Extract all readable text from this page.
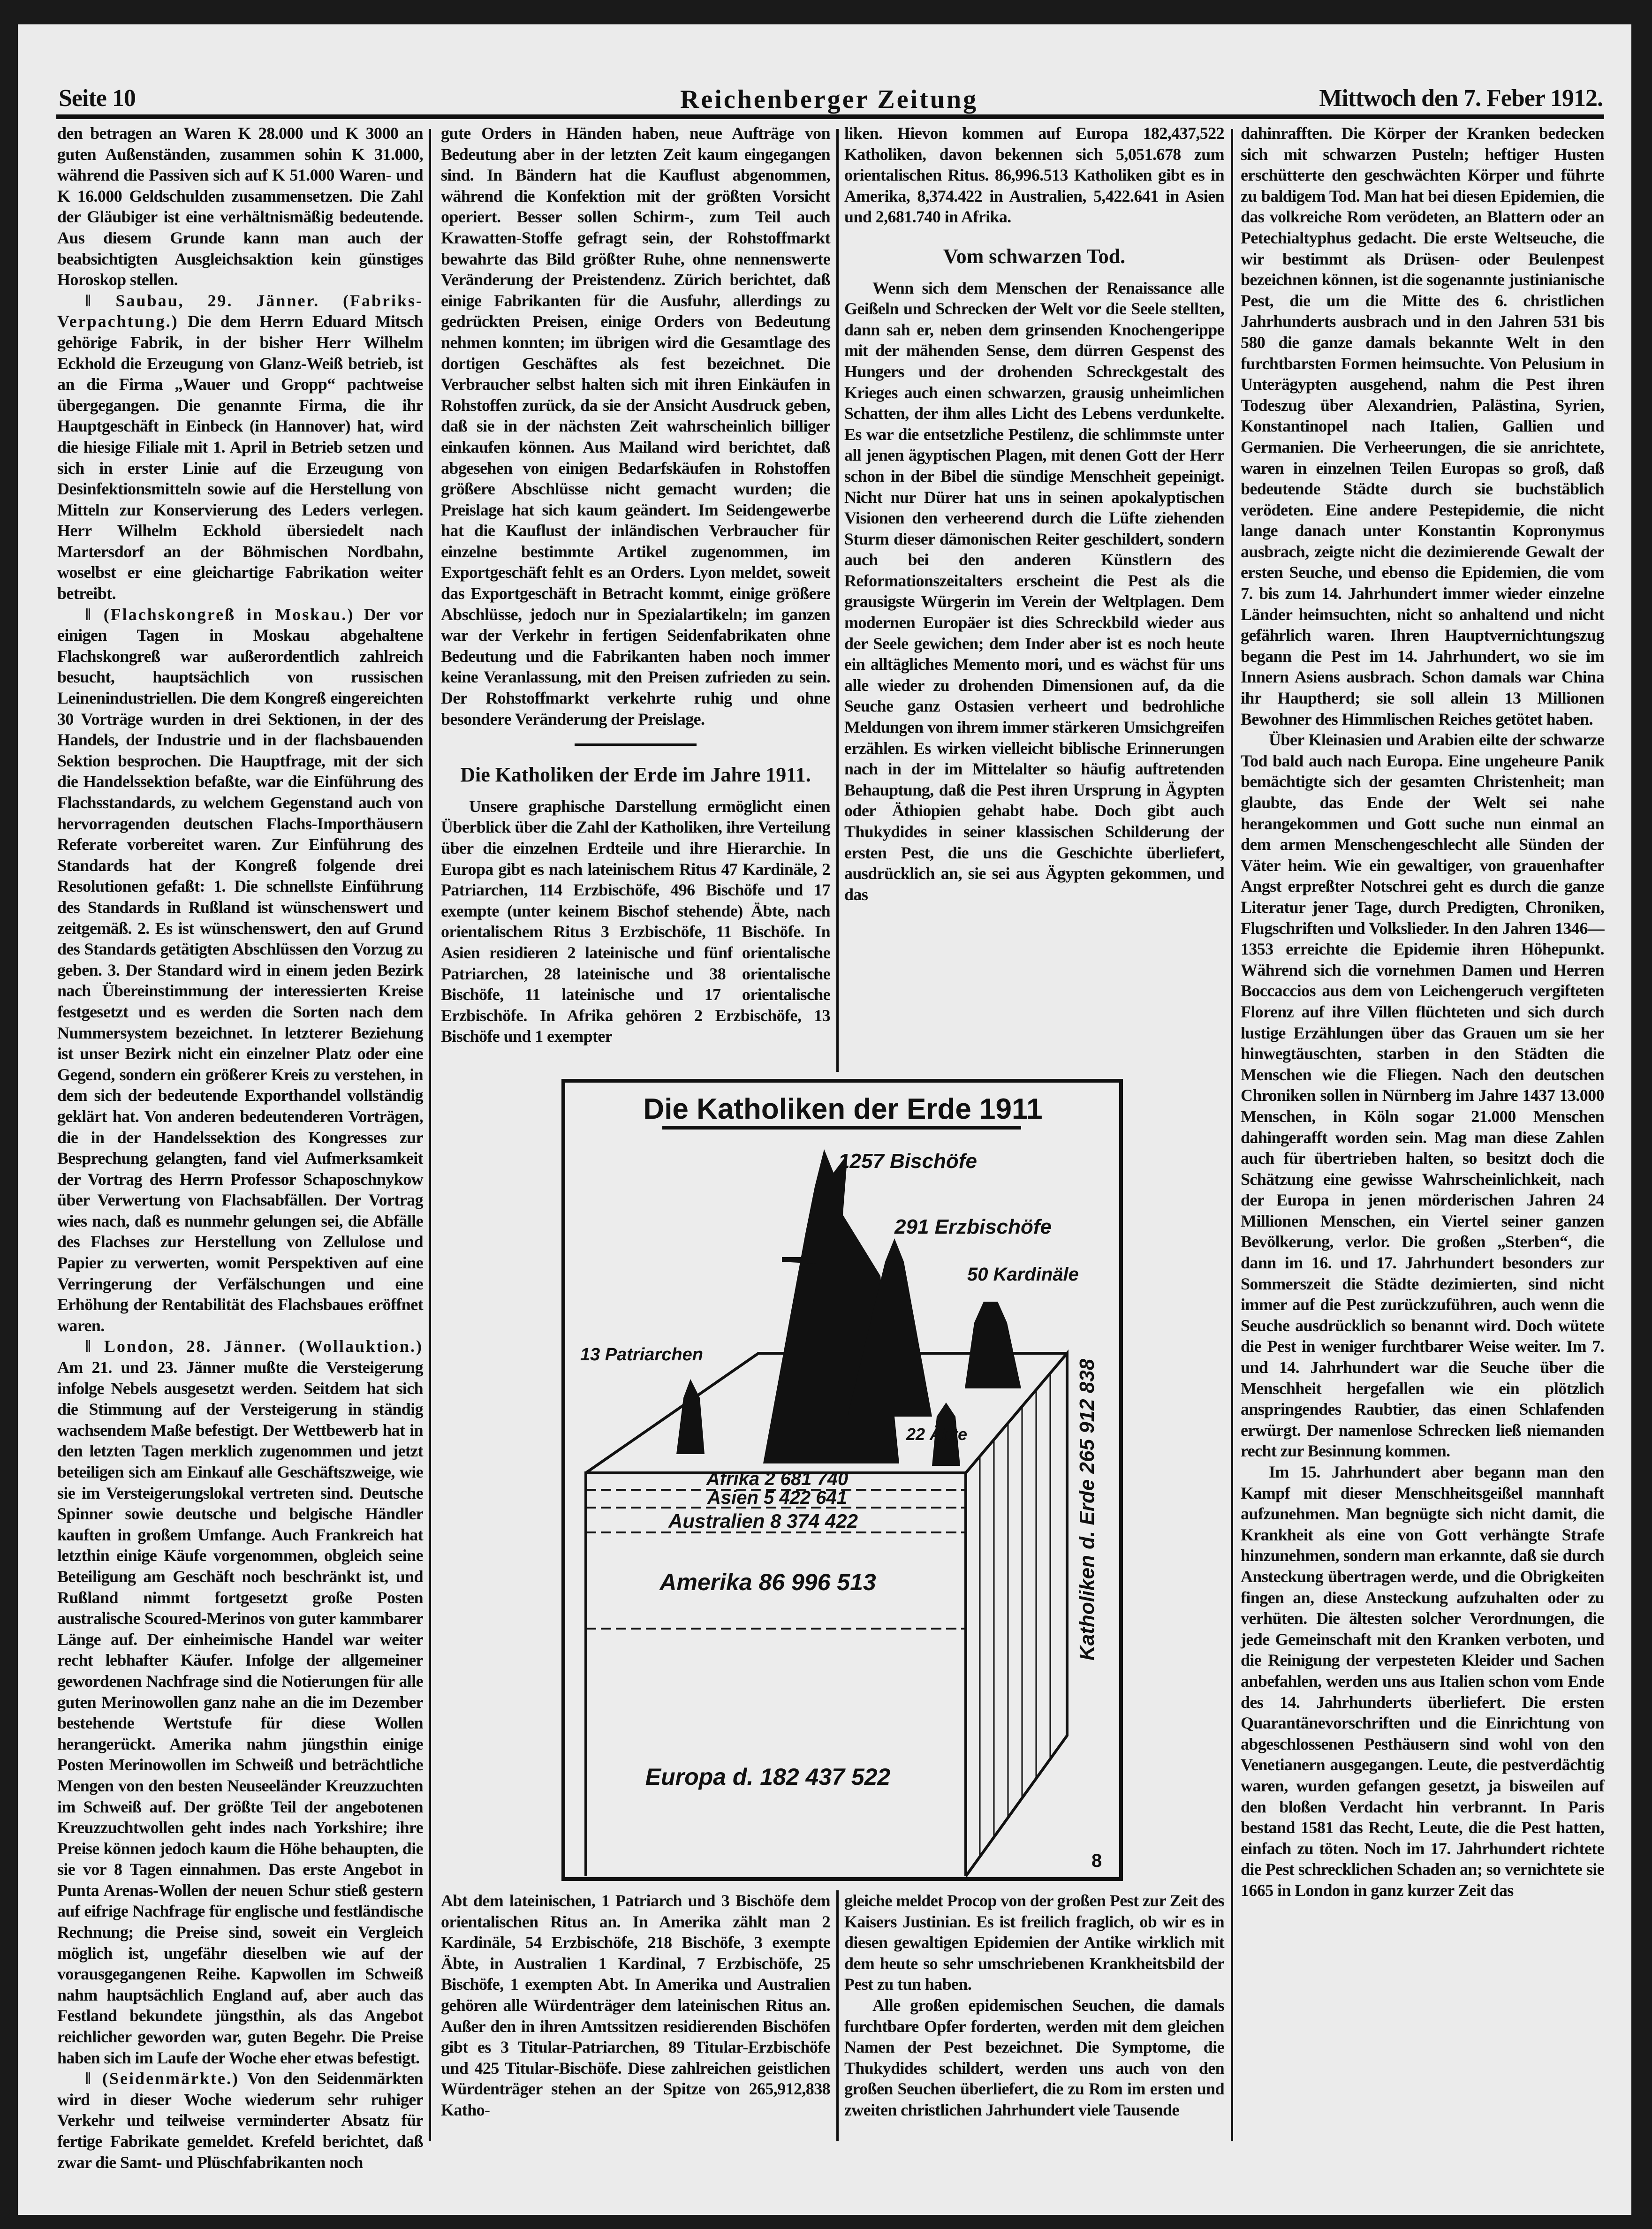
Seite 10	Reichenberger Zeitung	Mittwoch den 7. Feber 1912.

den betragen an Waren K 28.000 und K 3000 an guten Außenständen, zusammen sohin K 31.000, während die Passiven sich auf K 51.000 Waren- und K 16.000 Geldschulden zusammensetzen. Die Zahl der Gläubiger ist eine verhältnismäßig bedeutende. Aus diesem Grunde kann man auch der beabsichtigten Ausgleichsaktion kein günstiges Horoskop stellen.

‖ Saubau, 29. Jänner. (Fabriks-Verpachtung.) Die dem Herrn Eduard Mitsch gehörige Fabrik, in der bisher Herr Wilhelm Eckhold die Erzeugung von Glanz-Weiß betrieb, ist an die Firma „Wauer und Gropp“ pachtweise übergegangen. Die genannte Firma, die ihr Hauptgeschäft in Einbeck (in Hannover) hat, wird die hiesige Filiale mit 1. April in Betrieb setzen und sich in erster Linie auf die Erzeugung von Desinfektionsmitteln sowie auf die Herstellung von Mitteln zur Konservierung des Leders verlegen. Herr Wilhelm Eckhold übersiedelt nach Martersdorf an der Böhmischen Nordbahn, woselbst er eine gleichartige Fabrikation weiter betreibt.

‖ (Flachskongreß in Moskau.) Der vor einigen Tagen in Moskau abgehaltene Flachskongreß war außerordentlich zahlreich besucht, hauptsächlich von russischen Leinenindustriellen. Die dem Kongreß eingereichten 30 Vorträge wurden in drei Sektionen, in der des Handels, der Industrie und in der flachsbauenden Sektion besprochen. Die Hauptfrage, mit der sich die Handelssektion befaßte, war die Einführung des Flachsstandards, zu welchem Gegenstand auch von hervorragenden deutschen Flachs-Importhäusern Referate vorbereitet waren. Zur Einführung des Standards hat der Kongreß folgende drei Resolutionen gefaßt: 1. Die schnellste Einführung des Standards in Rußland ist wünschenswert und zeitgemäß. 2. Es ist wünschenswert, den auf Grund des Standards getätigten Abschlüssen den Vorzug zu geben. 3. Der Standard wird in einem jeden Bezirk nach Übereinstimmung der interessierten Kreise festgesetzt und es werden die Sorten nach dem Nummersystem bezeichnet. In letzterer Beziehung ist unser Bezirk nicht ein einzelner Platz oder eine Gegend, sondern ein größerer Kreis zu verstehen, in dem sich der bedeutende Exporthandel vollständig geklärt hat. Von anderen bedeutenderen Vorträgen, die in der Handelssektion des Kongresses zur Besprechung gelangten, fand viel Aufmerksamkeit der Vortrag des Herrn Professor Schaposchnykow über Verwertung von Flachsabfällen. Der Vortrag wies nach, daß es nunmehr gelungen sei, die Abfälle des Flachses zur Herstellung von Zellulose und Papier zu verwerten, womit Perspektiven auf eine Verringerung der Verfälschungen und eine Erhöhung der Rentabilität des Flachsbaues eröffnet waren.

‖ London, 28. Jänner. (Wollauktion.) Am 21. und 23. Jänner mußte die Versteigerung infolge Nebels ausgesetzt werden. Seitdem hat sich die Stimmung auf der Versteigerung in ständig wachsendem Maße befestigt. Der Wettbewerb hat in den letzten Tagen merklich zugenommen und jetzt beteiligen sich am Einkauf alle Geschäftszweige, wie sie im Versteigerungslokal vertreten sind. Deutsche Spinner sowie deutsche und belgische Händler kauften in großem Umfange. Auch Frankreich hat letzthin einige Käufe vorgenommen, obgleich seine Beteiligung am Geschäft noch beschränkt ist, und Rußland nimmt fortgesetzt große Posten australische Scoured-Merinos von guter kammbarer Länge auf. Der einheimische Handel war weiter recht lebhafter Käufer. Infolge der allgemeiner gewordenen Nachfrage sind die Notierungen für alle guten Merinowollen ganz nahe an die im Dezember bestehende Wertstufe für diese Wollen herangerückt. Amerika nahm jüngsthin einige Posten Merinowollen im Schweiß und beträchtliche Mengen von den besten Neuseeländer Kreuzzuchten im Schweiß auf. Der größte Teil der angebotenen Kreuzzuchtwollen geht indes nach Yorkshire; ihre Preise können jedoch kaum die Höhe behaupten, die sie vor 8 Tagen einnahmen. Das erste Angebot in Punta Arenas-Wollen der neuen Schur stieß gestern auf eifrige Nachfrage für englische und festländische Rechnung; die Preise sind, soweit ein Vergleich möglich ist, ungefähr dieselben wie auf der vorausgegangenen Reihe. Kapwollen im Schweiß nahm hauptsächlich England auf, aber auch das Festland bekundete jüngsthin, als das Angebot reichlicher geworden war, guten Begehr. Die Preise haben sich im Laufe der Woche eher etwas befestigt.

‖ (Seidenmärkte.) Von den Seidenmärkten wird in dieser Woche wiederum sehr ruhiger Verkehr und teilweise verminderter Absatz für fertige Fabrikate gemeldet. Krefeld berichtet, daß zwar die Samt- und Plüschfabrikanten noch

gute Orders in Händen haben, neue Aufträge von Bedeutung aber in der letzten Zeit kaum eingegangen sind. In Bändern hat die Kauflust abgenommen, während die Konfektion mit der größten Vorsicht operiert. Besser sollen Schirm-, zum Teil auch Krawatten-Stoffe gefragt sein, der Rohstoffmarkt bewahrte das Bild größter Ruhe, ohne nennenswerte Veränderung der Preistendenz. Zürich berichtet, daß einige Fabrikanten für die Ausfuhr, allerdings zu gedrückten Preisen, einige Orders von Bedeutung nehmen konnten; im übrigen wird die Gesamtlage des dortigen Geschäftes als fest bezeichnet. Die Verbraucher selbst halten sich mit ihren Einkäufen in Rohstoffen zurück, da sie der Ansicht Ausdruck geben, daß sie in der nächsten Zeit wahrscheinlich billiger einkaufen können. Aus Mailand wird berichtet, daß abgesehen von einigen Bedarfskäufen in Rohstoffen größere Abschlüsse nicht gemacht wurden; die Preislage hat sich kaum geändert. Im Seidengewerbe hat die Kauflust der inländischen Verbraucher für einzelne bestimmte Artikel zugenommen, im Exportgeschäft fehlt es an Orders. Lyon meldet, soweit das Exportgeschäft in Betracht kommt, einige größere Abschlüsse, jedoch nur in Spezialartikeln; im ganzen war der Verkehr in fertigen Seidenfabrikaten ohne Bedeutung und die Fabrikanten haben noch immer keine Veranlassung, mit den Preisen zufrieden zu sein. Der Rohstoffmarkt verkehrte ruhig und ohne besondere Veränderung der Preislage.

Die Katholiken der Erde im Jahre 1911.

Unsere graphische Darstellung ermöglicht einen Überblick über die Zahl der Katholiken, ihre Verteilung über die einzelnen Erdteile und ihre Hierarchie. In Europa gibt es nach lateinischem Ritus 47 Kardinäle, 2 Patriarchen, 114 Erzbischöfe, 496 Bischöfe und 17 exempte (unter keinem Bischof stehende) Äbte, nach orientalischem Ritus 3 Erzbischöfe, 11 Bischöfe. In Asien residieren 2 lateinische und fünf orientalische Patriarchen, 28 lateinische und 38 orientalische Bischöfe, 11 lateinische und 17 orientalische Erzbischöfe. In Afrika gehören 2 Erzbischöfe, 13 Bischöfe und 1 exempter

Abt dem lateinischen, 1 Patriarch und 3 Bischöfe dem orientalischen Ritus an. In Amerika zählt man 2 Kardinäle, 54 Erzbischöfe, 218 Bischöfe, 3 exempte Äbte, in Australien 1 Kardinal, 7 Erzbischöfe, 25 Bischöfe, 1 exempten Abt. In Amerika und Australien gehören alle Würdenträger dem lateinischen Ritus an. Außer den in ihren Amtssitzen residierenden Bischöfen gibt es 3 Titular-Patriarchen, 89 Titular-Erzbischöfe und 425 Titular-Bischöfe. Diese zahlreichen geistlichen Würdenträger stehen an der Spitze von 265,912,838 Katho-

liken. Hievon kommen auf Europa 182,437,522 Katholiken, davon bekennen sich 5,051.678 zum orientalischen Ritus. 86,996.513 Katholiken gibt es in Amerika, 8,374.422 in Australien, 5,422.641 in Asien und 2,681.740 in Afrika.

Vom schwarzen Tod.

Wenn sich dem Menschen der Renaissance alle Geißeln und Schrecken der Welt vor die Seele stellten, dann sah er, neben dem grinsenden Knochengerippe mit der mähenden Sense, dem dürren Gespenst des Hungers und der drohenden Schreckgestalt des Krieges auch einen schwarzen, grausig unheimlichen Schatten, der ihm alles Licht des Lebens verdunkelte. Es war die entsetzliche Pestilenz, die schlimmste unter all jenen ägyptischen Plagen, mit denen Gott der Herr schon in der Bibel die sündige Menschheit gepeinigt. Nicht nur Dürer hat uns in seinen apokalyptischen Visionen den verheerend durch die Lüfte ziehenden Sturm dieser dämonischen Reiter geschildert, sondern auch bei den anderen Künstlern des Reformationszeitalters erscheint die Pest als die grausigste Würgerin im Verein der Weltplagen. Dem modernen Europäer ist dies Schreckbild wieder aus der Seele gewichen; dem Inder aber ist es noch heute ein alltägliches Memento mori, und es wächst für uns alle wieder zu drohenden Dimensionen auf, da die Seuche ganz Ostasien verheert und bedrohliche Meldungen von ihrem immer stärkeren Umsichgreifen erzählen. Es wirken vielleicht biblische Erinnerungen nach in der im Mittelalter so häufig auftretenden Behauptung, daß die Pest ihren Ursprung in Ägypten oder Äthiopien gehabt habe. Doch gibt auch Thukydides in seiner klassischen Schilderung der ersten Pest, die uns die Geschichte überliefert, ausdrücklich an, sie sei aus Ägypten gekommen, und das

gleiche meldet Procop von der großen Pest zur Zeit des Kaisers Justinian. Es ist freilich fraglich, ob wir es in diesen gewaltigen Epidemien der Antike wirklich mit dem heute so sehr umschriebenen Krankheitsbild der Pest zu tun haben.

Alle großen epidemischen Seuchen, die damals furchtbare Opfer forderten, werden mit dem gleichen Namen der Pest bezeichnet. Die Symptome, die Thukydides schildert, werden uns auch von den großen Seuchen überliefert, die zu Rom im ersten und zweiten christlichen Jahrhundert viele Tausende

dahinrafften. Die Körper der Kranken bedecken sich mit schwarzen Pusteln; heftiger Husten erschütterte den geschwächten Körper und führte zu baldigem Tod. Man hat bei diesen Epidemien, die das volkreiche Rom verödeten, an Blattern oder an Petechialtyphus gedacht. Die erste Weltseuche, die wir bestimmt als Drüsen- oder Beulenpest bezeichnen können, ist die sogenannte justinianische Pest, die um die Mitte des 6. christlichen Jahrhunderts ausbrach und in den Jahren 531 bis 580 die ganze damals bekannte Welt in den furchtbarsten Formen heimsuchte. Von Pelusium in Unterägypten ausgehend, nahm die Pest ihren Todeszug über Alexandrien, Palästina, Syrien, Konstantinopel nach Italien, Gallien und Germanien. Die Verheerungen, die sie anrichtete, waren in einzelnen Teilen Europas so groß, daß bedeutende Städte durch sie buchstäblich verödeten. Eine andere Pestepidemie, die nicht lange danach unter Konstantin Kopronymus ausbrach, zeigte nicht die dezimierende Gewalt der ersten Seuche, und ebenso die Epidemien, die vom 7. bis zum 14. Jahrhundert immer wieder einzelne Länder heimsuchten, nicht so anhaltend und nicht gefährlich waren. Ihren Hauptvernichtungszug begann die Pest im 14. Jahrhundert, wo sie im Innern Asiens ausbrach. Schon damals war China ihr Hauptherd; sie soll allein 13 Millionen Bewohner des Himmlischen Reiches getötet haben.

Über Kleinasien und Arabien eilte der schwarze Tod bald auch nach Europa. Eine ungeheure Panik bemächtigte sich der gesamten Christenheit; man glaubte, das Ende der Welt sei nahe herangekommen und Gott suche nun einmal an dem armen Menschengeschlecht alle Sünden der Väter heim. Wie ein gewaltiger, von grauenhafter Angst erpreßter Notschrei geht es durch die ganze Literatur jener Tage, durch Predigten, Chroniken, Flugschriften und Volkslieder. In den Jahren 1346—1353 erreichte die Epidemie ihren Höhepunkt. Während sich die vornehmen Damen und Herren Boccaccios aus dem von Leichengeruch vergifteten Florenz auf ihre Villen flüchteten und sich durch lustige Erzählungen über das Grauen um sie her hinwegtäuschten, starben in den Städten die Menschen wie die Fliegen. Nach den deutschen Chroniken sollen in Nürnberg im Jahre 1437 13.000 Menschen, in Köln sogar 21.000 Menschen dahingerafft worden sein. Mag man diese Zahlen auch für übertrieben halten, so besitzt doch die Schätzung eine gewisse Wahrscheinlichkeit, nach der Europa in jenen mörderischen Jahren 24 Millionen Menschen, ein Viertel seiner ganzen Bevölkerung, verlor. Die großen „Sterben“, die dann im 16. und 17. Jahrhundert besonders zur Sommerszeit die Städte dezimierten, sind nicht immer auf die Pest zurückzuführen, auch wenn die Seuche ausdrücklich so benannt wird. Doch wütete die Pest in weniger furchtbarer Weise weiter. Im 7. und 14. Jahrhundert war die Seuche über die Menschheit hergefallen wie ein plötzlich anspringendes Raubtier, das einen Schlafenden erwürgt. Der namenlose Schrecken ließ niemanden recht zur Besinnung kommen.

Im 15. Jahrhundert aber begann man den Kampf mit dieser Menschheitsgeißel mannhaft aufzunehmen. Man begnügte sich nicht damit, die Krankheit als eine von Gott verhängte Strafe hinzunehmen, sondern man erkannte, daß sie durch Ansteckung übertragen werde, und die Obrigkeiten fingen an, diese Ansteckung aufzuhalten oder zu verhüten. Die ältesten solcher Verordnungen, die jede Gemeinschaft mit den Kranken verboten, und die Reinigung der verpesteten Kleider und Sachen anbefahlen, werden uns aus Italien schon vom Ende des 14. Jahrhunderts überliefert. Die ersten Quarantänevorschriften und die Einrichtung von abgeschlossenen Pesthäusern sind wohl von den Venetianern ausgegangen. Leute, die pestverdächtig waren, wurden gefangen gesetzt, ja bisweilen auf den bloßen Verdacht hin verbrannt. In Paris bestand 1581 das Recht, Leute, die die Pest hatten, einfach zu töten. Noch im 17. Jahrhundert richtete die Pest schrecklichen Schaden an; so vernichtete sie 1665 in London in ganz kurzer Zeit das

Die Katholiken der Erde 1911
1257 Bischöfe
291 Erzbischöfe
50 Kardinäle
13 Patriarchen
22 Äbte
Afrika 2 681 740
Asien 5 422 641
Australien 8 374 422
Amerika 86 996 513
Europa d. 182 437 522
Katholiken d. Erde 265 912 838
8
